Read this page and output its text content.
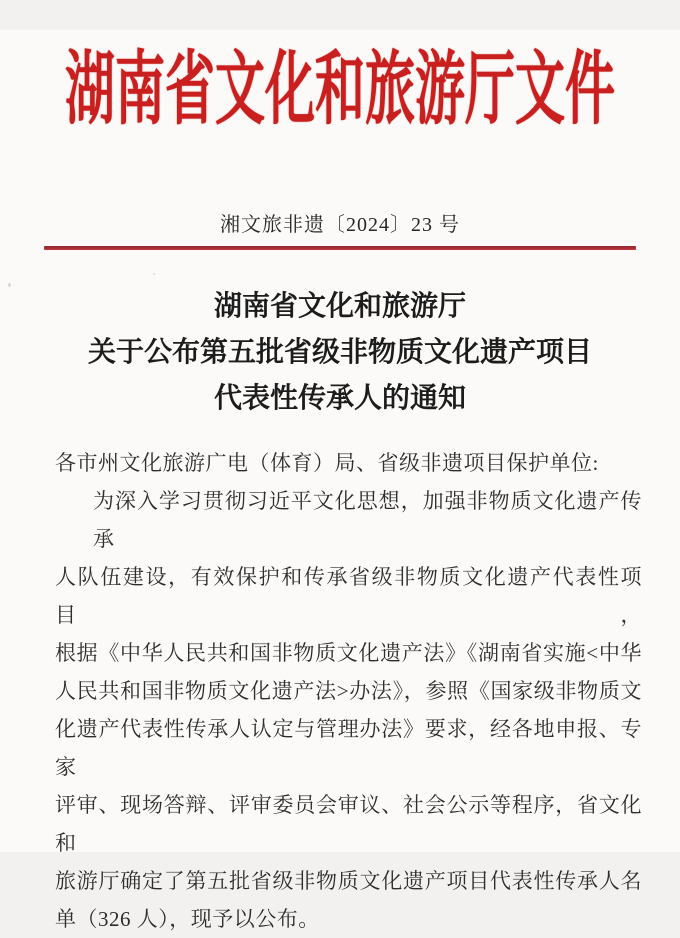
湖南省文化和旅游厅文件
湘文旅非遗〔2024〕23 号
湖南省文化和旅游厅
关于公布第五批省级非物质文化遗产项目
代表性传承人的通知
各市州文化旅游广电（体育）局、省级非遗项目保护单位:
为深入学习贯彻习近平文化思想，加强非物质文化遗产传承
人队伍建设，有效保护和传承省级非物质文化遗产代表性项目，
根据《中华人民共和国非物质文化遗产法》《湖南省实施<中华
人民共和国非物质文化遗产法>办法》，参照《国家级非物质文
化遗产代表性传承人认定与管理办法》要求，经各地申报、专家
评审、现场答辩、评审委员会审议、社会公示等程序，省文化和
旅游厅确定了第五批省级非物质文化遗产项目代表性传承人名
单（326 人），现予以公布。
